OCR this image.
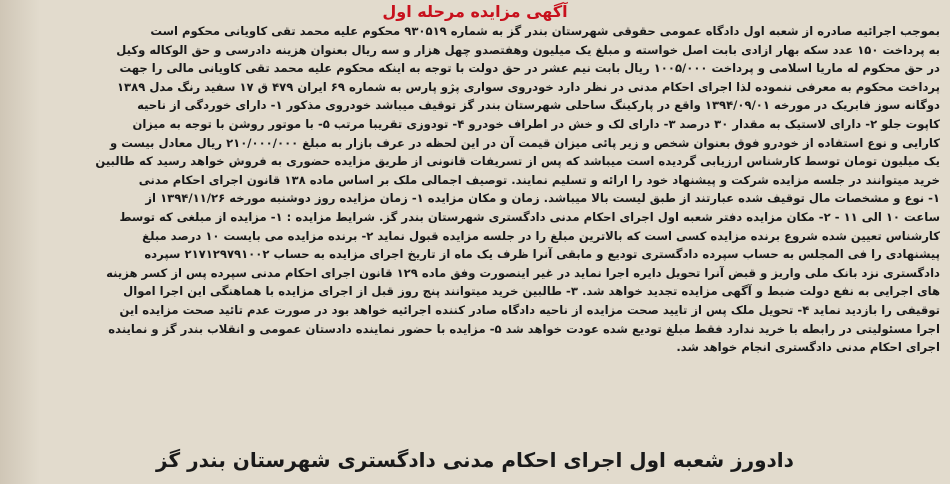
آگهی مزایده مرحله اول
بموجب اجرائیه صادره از شعبه اول دادگاه عمومی حقوقی شهرستان بندر گز به شماره ۹۳۰۵۱۹ محکوم علیه محمد تقی کاویانی محکوم است
به پرداخت ۱۵۰ عدد سکه بهار ازادی بابت اصل خواسته و مبلغ یک میلیون وهفتصدو چهل هزار و سه ریال بعنوان هزینه دادرسی و حق الوکاله وکیل
در حق محکوم له ماریا اسلامی و پرداخت ۱۰۰۵/۰۰۰ ریال بابت نیم عشر در حق دولت با توجه به اینکه محکوم علیه محمد تقی کاویانی مالی را جهت
پرداخت محکوم به معرفی ننموده لذا اجرای احکام مدنی در نظر دارد خودروی سواری پژو پارس به شماره ۶۹ ایران ۴۷۹ ق ۱۷ سفید رنگ مدل ۱۳۸۹
دوگانه سوز فابریک در مورخه ۱۳۹۴/۰۹/۰۱ واقع در پارکینگ ساحلی شهرستان بندر گز توقیف میباشد خودروی مذکور ۱- دارای خوردگی از ناحیه
کاپوت جلو ۲- دارای لاستیک به مقدار ۳۰ درصد ۳- دارای لک و خش در اطراف خودرو ۴- تودوزی تقریبا مرتب ۵- با موتور روشن با توجه به میزان
کارایی و نوع استفاده از خودرو فوق بعنوان شخص و زیر پائی میزان قیمت آن در این لحظه در عرف بازار به مبلغ ۲۱۰/۰۰۰/۰۰۰ ریال معادل بیست و
یک میلیون تومان توسط کارشناس ارزیابی گردیده است میباشد که پس از تسریفات قانونی از طریق مزایده حضوری به فروش خواهد رسید که طالبین
خرید میتوانند در جلسه مزایده شرکت و پیشنهاد خود را ارائه و تسلیم نمایند. توصیف اجمالی ملک بر اساس ماده ۱۳۸ قانون اجرای احکام مدنی
۱- نوع و مشخصات مال توقیف شده عبارتند از طبق لیست بالا میباشد. زمان و مکان مزایده ۱- زمان مزایده روز دوشنبه مورخه ۱۳۹۴/۱۱/۲۶ از
ساعت ۱۰ الی ۱۱ - ۲- مکان مزایده دفتر شعبه اول اجرای احکام مدنی دادگستری شهرستان بندر گز. شرایط مزایده : ۱- مزایده از مبلغی که توسط
کارشناس تعیین شده شروع برنده مزایده کسی است که بالاترین مبلغ را در جلسه مزایده قبول نماید ۲- برنده مزایده می بایست ۱۰ درصد مبلغ
پیشنهادی را فی المجلس به حساب سپرده دادگستری تودیع و مابقی آنرا ظرف یک ماه از تاریخ اجرای مزایده به حساب ۲۱۷۱۲۹۷۹۱۰۰۲ سپرده
دادگستری نزد بانک ملی واریز و قبض آنرا تحویل دایره اجرا نماید در غیر اینصورت وفق ماده ۱۲۹ قانون اجرای احکام مدنی سپرده پس از کسر هزینه
های اجرایی به نفع دولت ضبط و آگهی مزایده تجدید خواهد شد. ۳- طالبین خرید میتوانند پنج روز قبل از اجرای مزایده با هماهنگی این اجرا اموال
توقیفی را بازدید نماید ۴- تحویل ملک پس از تایید صحت مزایده از ناحیه دادگاه صادر کننده اجرائیه خواهد بود در صورت عدم تائید صحت مزایده این
اجرا مسئولیتی در رابطه با خرید ندارد فقط مبلغ تودیع شده عودت خواهد شد ۵- مزایده با حضور نماینده دادستان عمومی و انقلاب بندر گز و نماینده
اجرای احکام مدنی دادگستری انجام خواهد شد.
دادورز شعبه اول اجرای احکام مدنی دادگستری شهرستان بندر گز
